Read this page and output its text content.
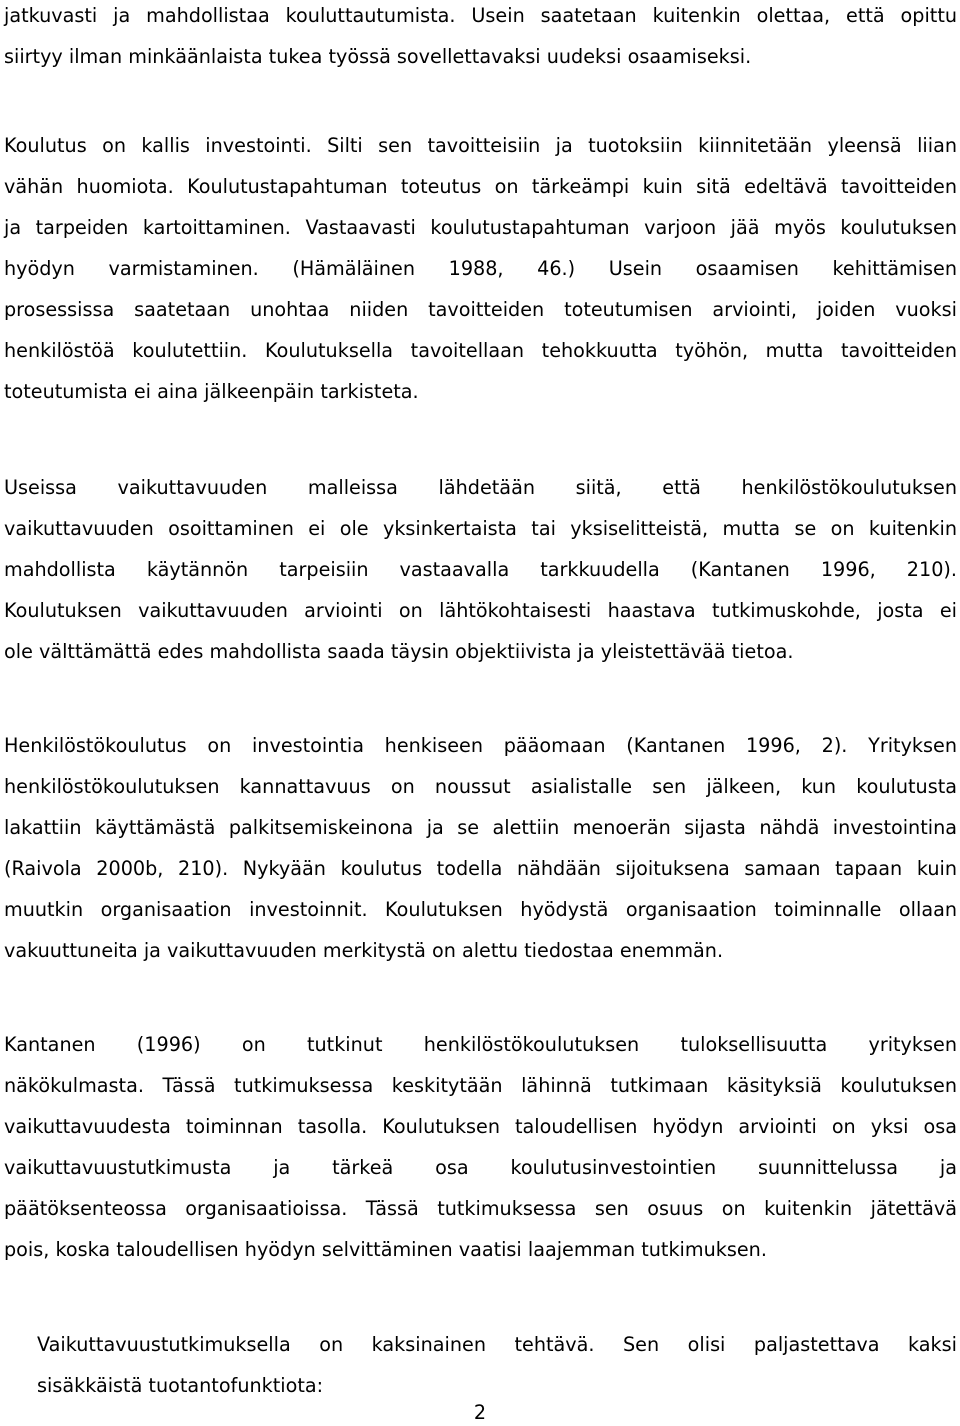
jatkuvasti ja mahdollistaa kouluttautumista. Usein saatetaan kuitenkin olettaa, että opittu
siirtyy ilman minkäänlaista tukea työssä sovellettavaksi uudeksi osaamiseksi.
Koulutus on kallis investointi. Silti sen tavoitteisiin ja tuotoksiin kiinnitetään yleensä liian
vähän huomiota. Koulutustapahtuman toteutus on tärkeämpi kuin sitä edeltävä tavoitteiden
ja tarpeiden kartoittaminen. Vastaavasti koulutustapahtuman varjoon jää myös koulutuksen
hyödyn varmistaminen. (Hämäläinen 1988, 46.) Usein osaamisen kehittämisen
prosessissa saatetaan unohtaa niiden tavoitteiden toteutumisen arviointi, joiden vuoksi
henkilöstöä koulutettiin. Koulutuksella tavoitellaan tehokkuutta työhön, mutta tavoitteiden
toteutumista ei aina jälkeenpäin tarkisteta.
Useissa vaikuttavuuden malleissa lähdetään siitä, että henkilöstökoulutuksen
vaikuttavuuden osoittaminen ei ole yksinkertaista tai yksiselitteistä, mutta se on kuitenkin
mahdollista käytännön tarpeisiin vastaavalla tarkkuudella (Kantanen 1996, 210).
Koulutuksen vaikuttavuuden arviointi on lähtökohtaisesti haastava tutkimuskohde, josta ei
ole välttämättä edes mahdollista saada täysin objektiivista ja yleistettävää tietoa.
Henkilöstökoulutus on investointia henkiseen pääomaan (Kantanen 1996, 2). Yrityksen
henkilöstökoulutuksen kannattavuus on noussut asialistalle sen jälkeen, kun koulutusta
lakattiin käyttämästä palkitsemiskeinona ja se alettiin menoerän sijasta nähdä investointina
(Raivola 2000b, 210). Nykyään koulutus todella nähdään sijoituksena samaan tapaan kuin
muutkin organisaation investoinnit. Koulutuksen hyödystä organisaation toiminnalle ollaan
vakuuttuneita ja vaikuttavuuden merkitystä on alettu tiedostaa enemmän.
Kantanen (1996) on tutkinut henkilöstökoulutuksen tuloksellisuutta yrityksen
näkökulmasta. Tässä tutkimuksessa keskitytään lähinnä tutkimaan käsityksiä koulutuksen
vaikuttavuudesta toiminnan tasolla. Koulutuksen taloudellisen hyödyn arviointi on yksi osa
vaikuttavuustutkimusta ja tärkeä osa koulutusinvestointien suunnittelussa ja
päätöksenteossa organisaatioissa. Tässä tutkimuksessa sen osuus on kuitenkin jätettävä
pois, koska taloudellisen hyödyn selvittäminen vaatisi laajemman tutkimuksen.
Vaikuttavuustutkimuksella on kaksinainen tehtävä. Sen olisi paljastettava kaksi
sisäkkäistä tuotantofunktiota:
2
